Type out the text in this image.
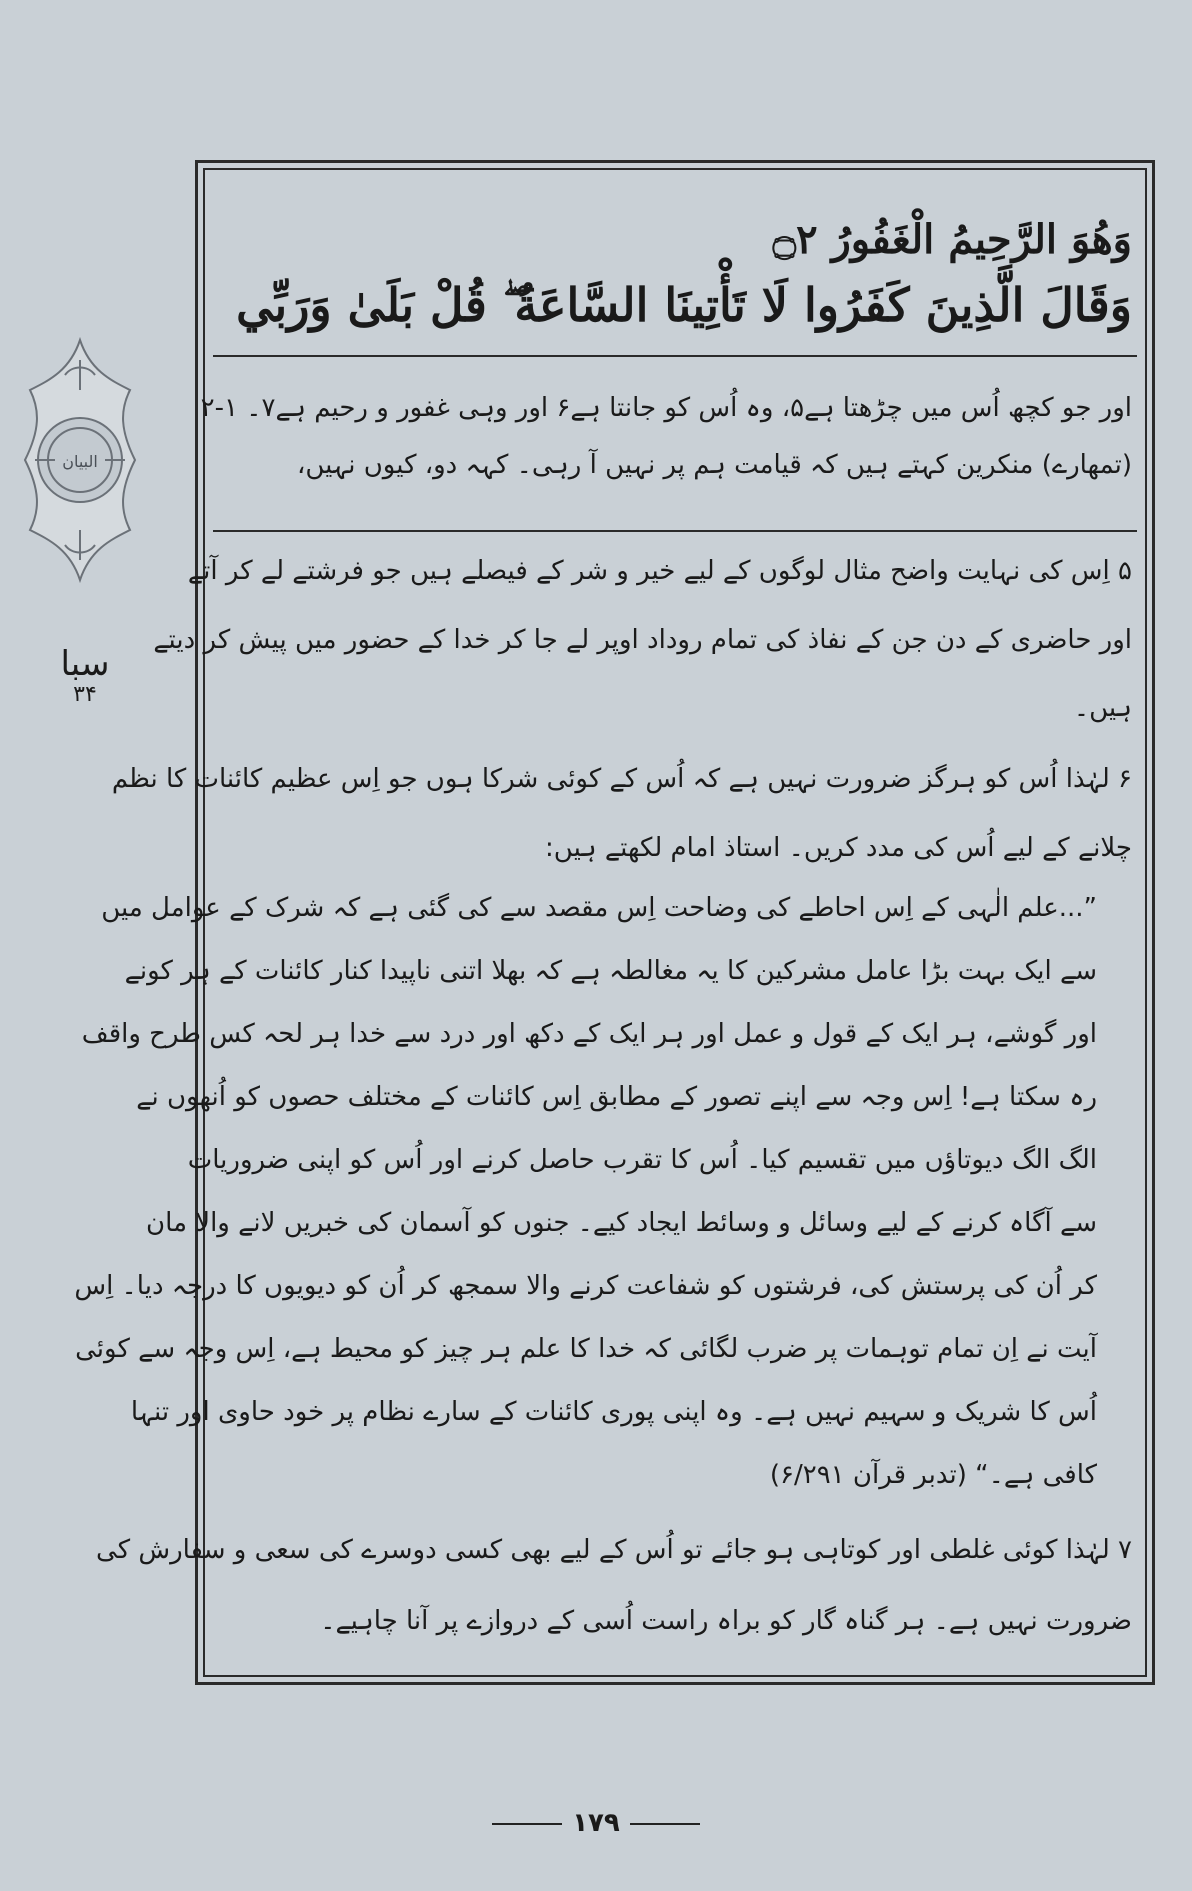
البيان
سبا
۳۴
وَهُوَ الرَّحِيمُ الْغَفُورُ ۝٢
وَقَالَ الَّذِينَ كَفَرُوا لَا تَأْتِينَا السَّاعَةُ ۖ قُلْ بَلَىٰ وَرَبِّي
اور جو کچھ اُس میں چڑھتا ہے۵، وہ اُس کو جانتا ہے۶ اور وہی غفور و رحیم ہے۷۔ ۱-۲
(تمھارے) منکرین کہتے ہیں کہ قیامت ہم پر نہیں آ رہی۔ کہہ دو، کیوں نہیں،
۵ اِس کی نہایت واضح مثال لوگوں کے لیے خیر و شر کے فیصلے ہیں جو فرشتے لے کر آتے
اور حاضری کے دن جن کے نفاذ کی تمام روداد اوپر لے جا کر خدا کے حضور میں پیش کر دیتے
ہیں۔
۶ لہٰذا اُس کو ہرگز ضرورت نہیں ہے کہ اُس کے کوئی شرکا ہوں جو اِس عظیم کائنات کا نظم
چلانے کے لیے اُس کی مدد کریں۔ استاذ امام لکھتے ہیں:
”...علم الٰہی کے اِس احاطے کی وضاحت اِس مقصد سے کی گئی ہے کہ شرک کے عوامل میں
سے ایک بہت بڑا عامل مشرکین کا یہ مغالطہ ہے کہ بھلا اتنی ناپیدا کنار کائنات کے ہر کونے
اور گوشے، ہر ایک کے قول و عمل اور ہر ایک کے دکھ اور درد سے خدا ہر لحہ کس طرح واقف
رہ سکتا ہے! اِس وجہ سے اپنے تصور کے مطابق اِس کائنات کے مختلف حصوں کو اُنھوں نے
الگ الگ دیوتاؤں میں تقسیم کیا۔ اُس کا تقرب حاصل کرنے اور اُس کو اپنی ضروریات
سے آگاہ کرنے کے لیے وسائل و وسائط ایجاد کیے۔ جنوں کو آسمان کی خبریں لانے والا مان
کر اُن کی پرستش کی، فرشتوں کو شفاعت کرنے والا سمجھ کر اُن کو دیویوں کا درجہ دیا۔ اِس
آیت نے اِن تمام توہمات پر ضرب لگائی کہ خدا کا علم ہر چیز کو محیط ہے، اِس وجہ سے کوئی
اُس کا شریک و سہیم نہیں ہے۔ وہ اپنی پوری کائنات کے سارے نظام پر خود حاوی اور تنہا
کافی ہے۔“ (تدبر قرآن ۶/۲۹۱)
۷ لہٰذا کوئی غلطی اور کوتاہی ہو جائے تو اُس کے لیے بھی کسی دوسرے کی سعی و سفارش کی
ضرورت نہیں ہے۔ ہر گناہ گار کو براہ راست اُسی کے دروازے پر آنا چاہیے۔
۱۷۹
